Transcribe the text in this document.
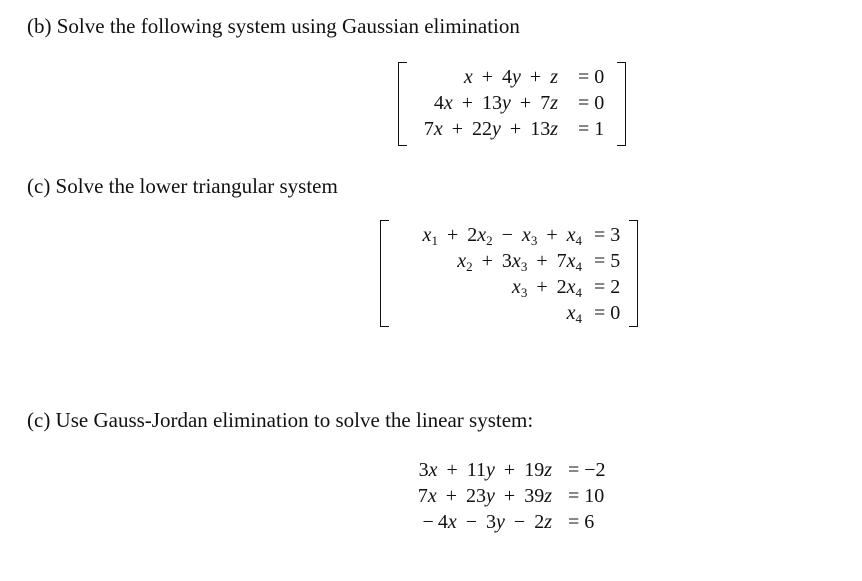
(b) Solve the following system using Gaussian elimination
x  +  4y  +  z = 0
4x  +  13y  +  7z = 0
7x  +  22y  +  13z = 1
(c) Solve the lower triangular system
$x_1 + 2x_2 - x_3 + x_4 = 3$
$x_2 + 3x_3 + 7x_4 = 5$
$x_3 + 2x_4 = 2$
$x_4 = 0$
(c) Use Gauss-Jordan elimination to solve the linear system:
3x  +  11y  +  19z = −2
7x  +  23y  +  39z = 10
 − 4x  −  3y  −  2z = 6
